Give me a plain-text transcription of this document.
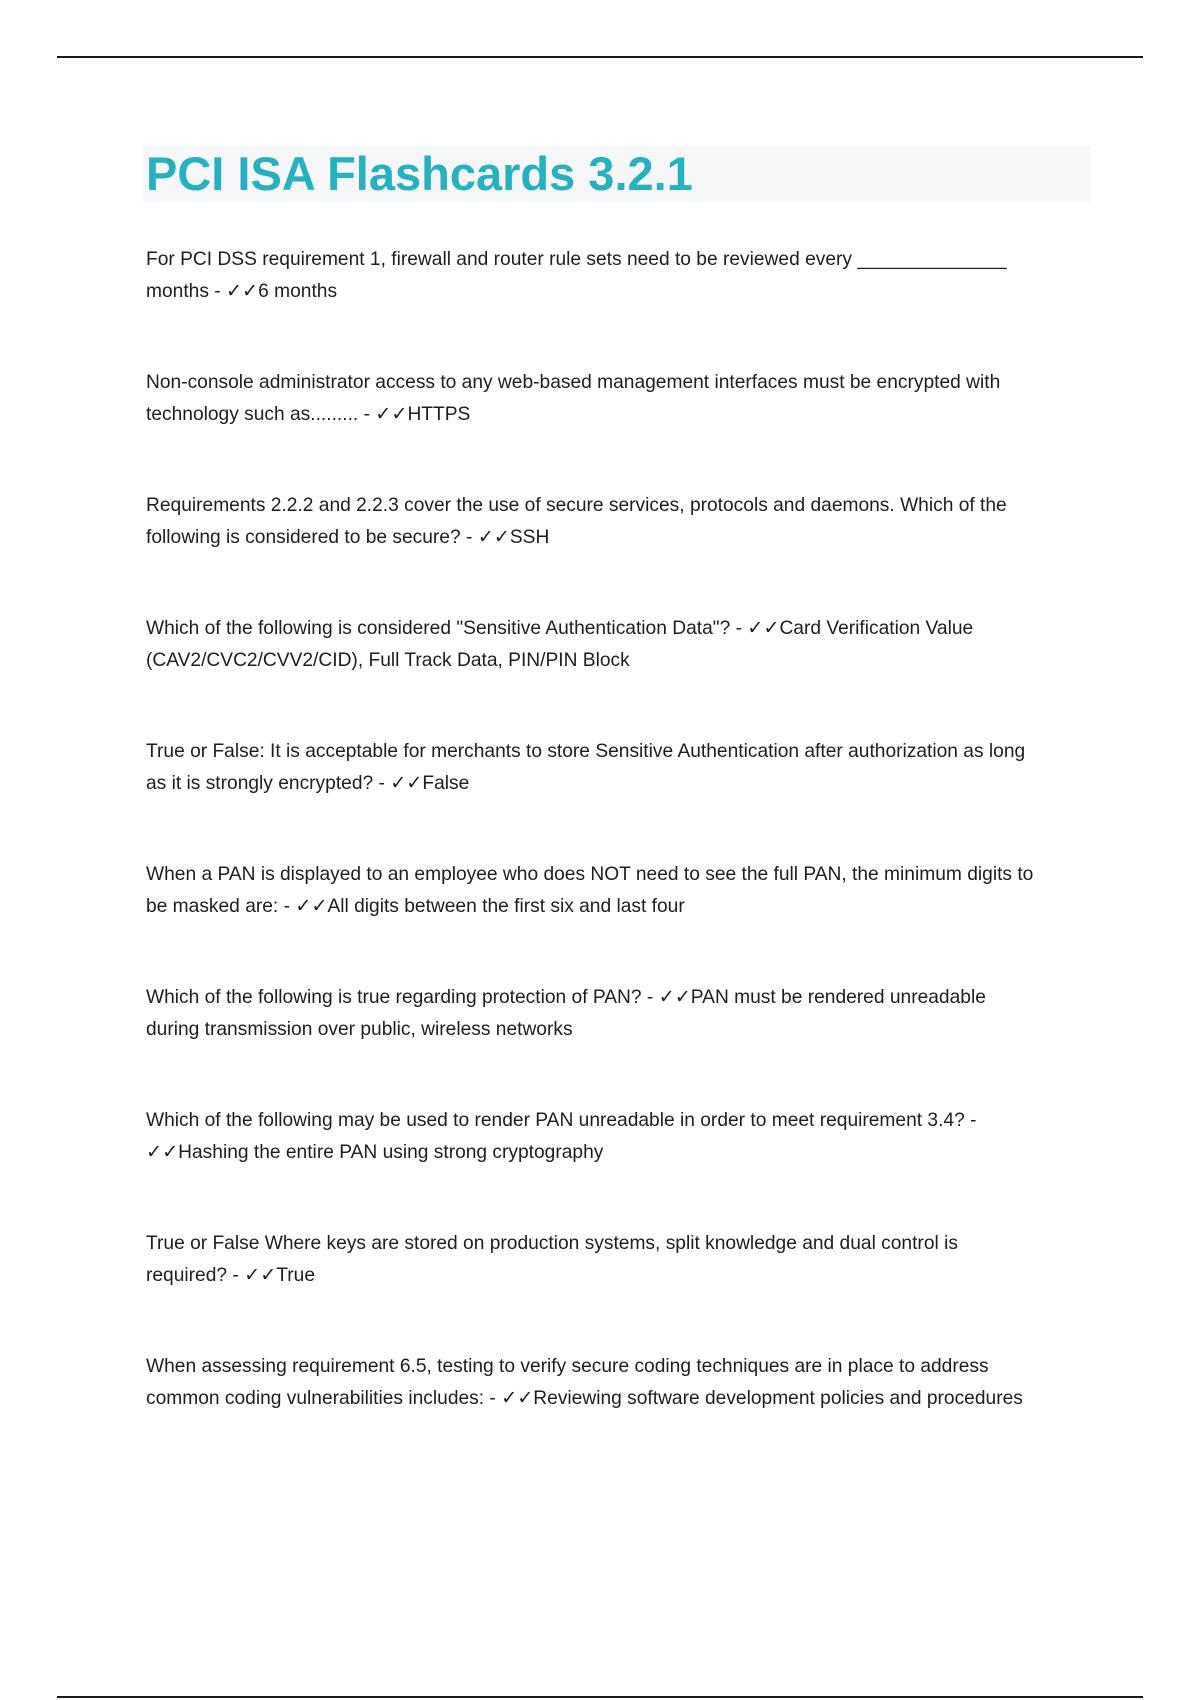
PCI ISA Flashcards 3.2.1

For PCI DSS requirement 1, firewall and router rule sets need to be reviewed every ______________
months - ✓✓6 months

Non-console administrator access to any web-based management interfaces must be encrypted with
technology such as......... - ✓✓HTTPS

Requirements 2.2.2 and 2.2.3 cover the use of secure services, protocols and daemons. Which of the
following is considered to be secure? - ✓✓SSH

Which of the following is considered "Sensitive Authentication Data"? - ✓✓Card Verification Value
(CAV2/CVC2/CVV2/CID), Full Track Data, PIN/PIN Block

True or False: It is acceptable for merchants to store Sensitive Authentication after authorization as long
as it is strongly encrypted? - ✓✓False

When a PAN is displayed to an employee who does NOT need to see the full PAN, the minimum digits to
be masked are: - ✓✓All digits between the first six and last four

Which of the following is true regarding protection of PAN? - ✓✓PAN must be rendered unreadable
during transmission over public, wireless networks

Which of the following may be used to render PAN unreadable in order to meet requirement 3.4? -
✓✓Hashing the entire PAN using strong cryptography

True or False Where keys are stored on production systems, split knowledge and dual control is
required? - ✓✓True

When assessing requirement 6.5, testing to verify secure coding techniques are in place to address
common coding vulnerabilities includes: - ✓✓Reviewing software development policies and procedures
